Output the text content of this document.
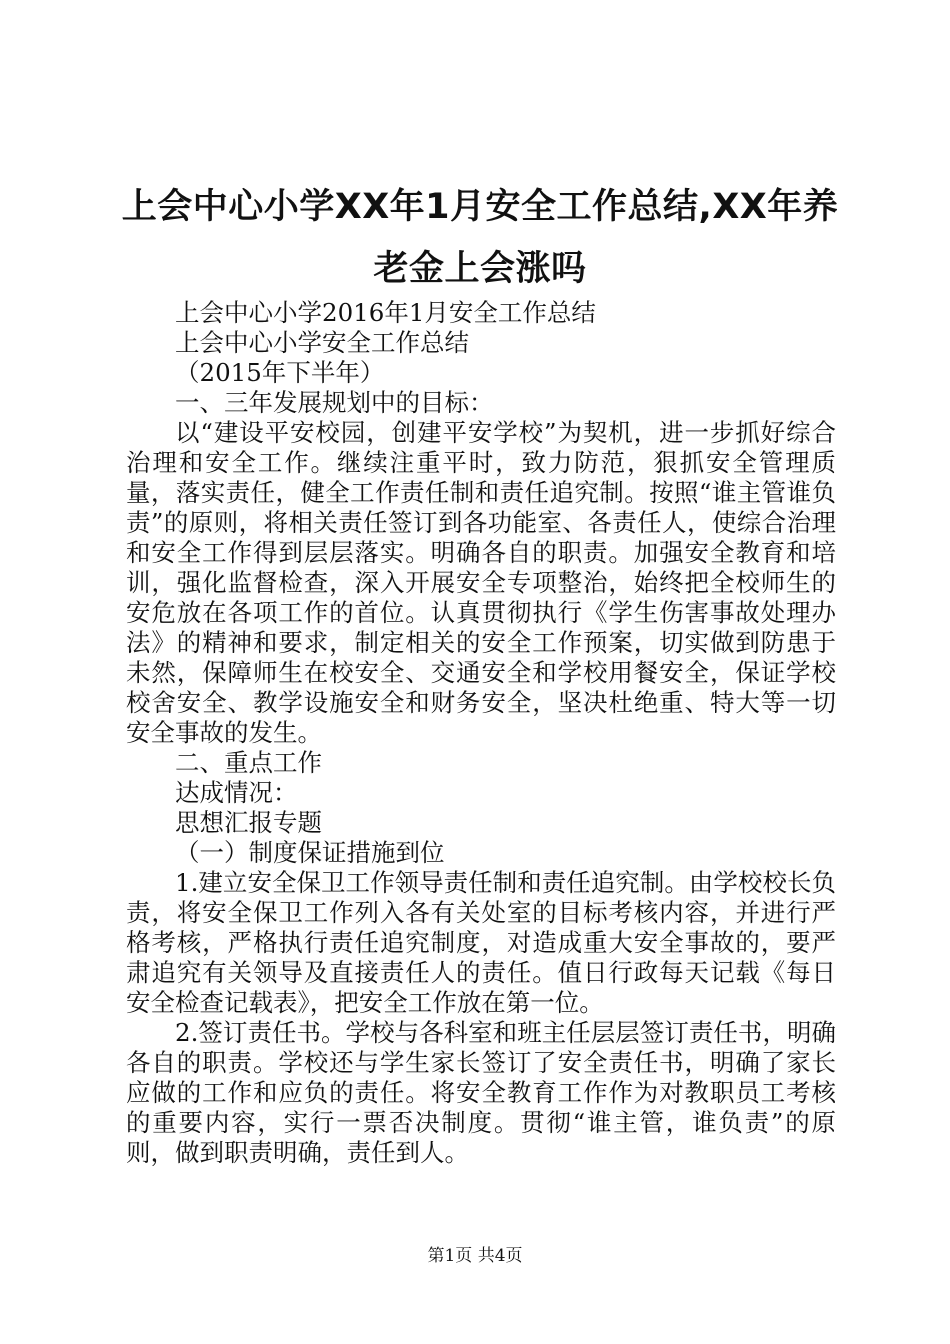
上会中心小学XX年1月安全工作总结,XX年养老金上会涨吗

上会中心小学2016年1月安全工作总结

上会中心小学安全工作总结

（2015年下半年）

一、三年发展规划中的目标：

以“建设平安校园，创建平安学校”为契机，进一步抓好综合治理和安全工作。继续注重平时，致力防范，狠抓安全管理质量，落实责任，健全工作责任制和责任追究制。按照“谁主管谁负责”的原则，将相关责任签订到各功能室、各责任人，使综合治理和安全工作得到层层落实。明确各自的职责。加强安全教育和培训，强化监督检查，深入开展安全专项整治，始终把全校师生的安危放在各项工作的首位。认真贯彻执行《学生伤害事故处理办法》的精神和要求，制定相关的安全工作预案，切实做到防患于未然，保障师生在校安全、交通安全和学校用餐安全，保证学校校舍安全、教学设施安全和财务安全，坚决杜绝重、特大等一切安全事故的发生。

二、重点工作

达成情况：

思想汇报专题

（一）制度保证措施到位

1.建立安全保卫工作领导责任制和责任追究制。由学校校长负责，将安全保卫工作列入各有关处室的目标考核内容，并进行严格考核，严格执行责任追究制度，对造成重大安全事故的，要严肃追究有关领导及直接责任人的责任。值日行政每天记载《每日安全检查记载表》，把安全工作放在第一位。

2.签订责任书。学校与各科室和班主任层层签订责任书，明确各自的职责。学校还与学生家长签订了安全责任书，明确了家长应做的工作和应负的责任。将安全教育工作作为对教职员工考核的重要内容，实行一票否决制度。贯彻“谁主管，谁负责”的原则，做到职责明确，责任到人。

第1页 共4页
